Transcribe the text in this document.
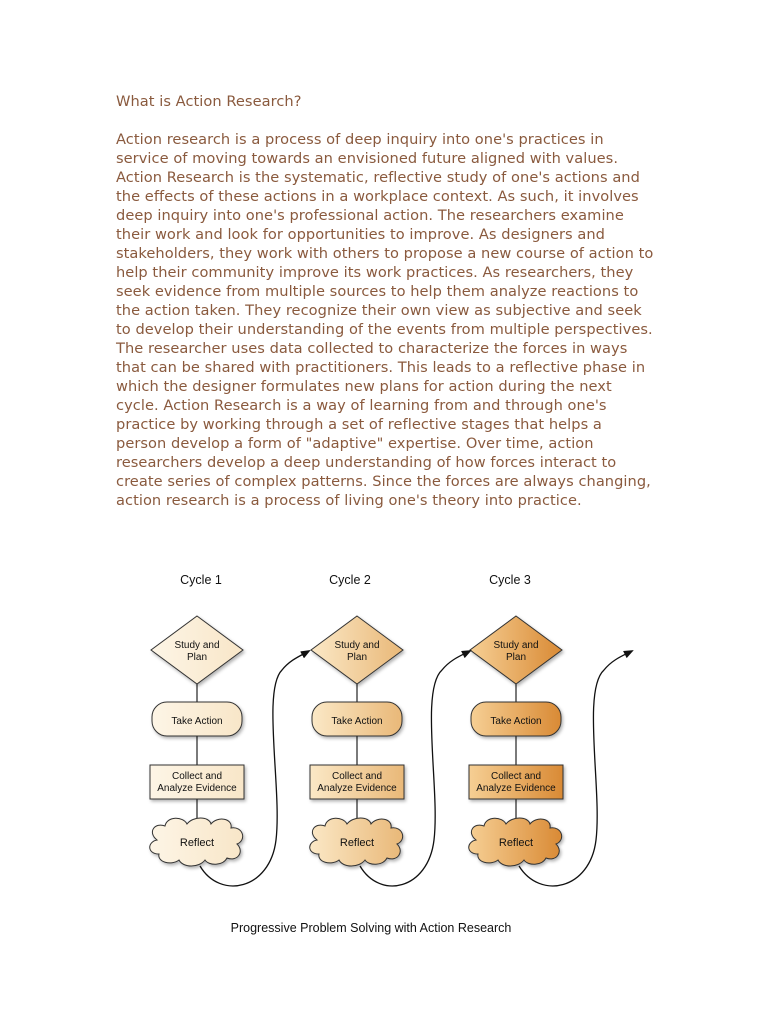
What is Action Research?

Action research is a process of deep inquiry into one's practices in service of moving towards an envisioned future aligned with values. Action Research is the systematic, reflective study of one's actions and the effects of these actions in a workplace context. As such, it involves deep inquiry into one's professional action. The researchers examine their work and look for opportunities to improve. As designers and stakeholders, they work with others to propose a new course of action to help their community improve its work practices. As researchers, they seek evidence from multiple sources to help them analyze reactions to the action taken. They recognize their own view as subjective and seek to develop their understanding of the events from multiple perspectives. The researcher uses data collected to characterize the forces in ways that can be shared with practitioners. This leads to a reflective phase in which the designer formulates new plans for action during the next cycle. Action Research is a way of learning from and through one's practice by working through a set of reflective stages that helps a person develop a form of "adaptive" expertise. Over time, action researchers develop a deep understanding of how forces interact to create series of complex patterns. Since the forces are always changing, action research is a process of living one's theory into practice.

Cycle 1
Study and
Plan
Take Action
Collect and
Analyze Evidence
Reflect
Cycle 2
Study and
Plan
Take Action
Collect and
Analyze Evidence
Reflect
Cycle 3
Study and
Plan
Take Action
Collect and
Analyze Evidence
Reflect
Progressive Problem Solving with Action Research
